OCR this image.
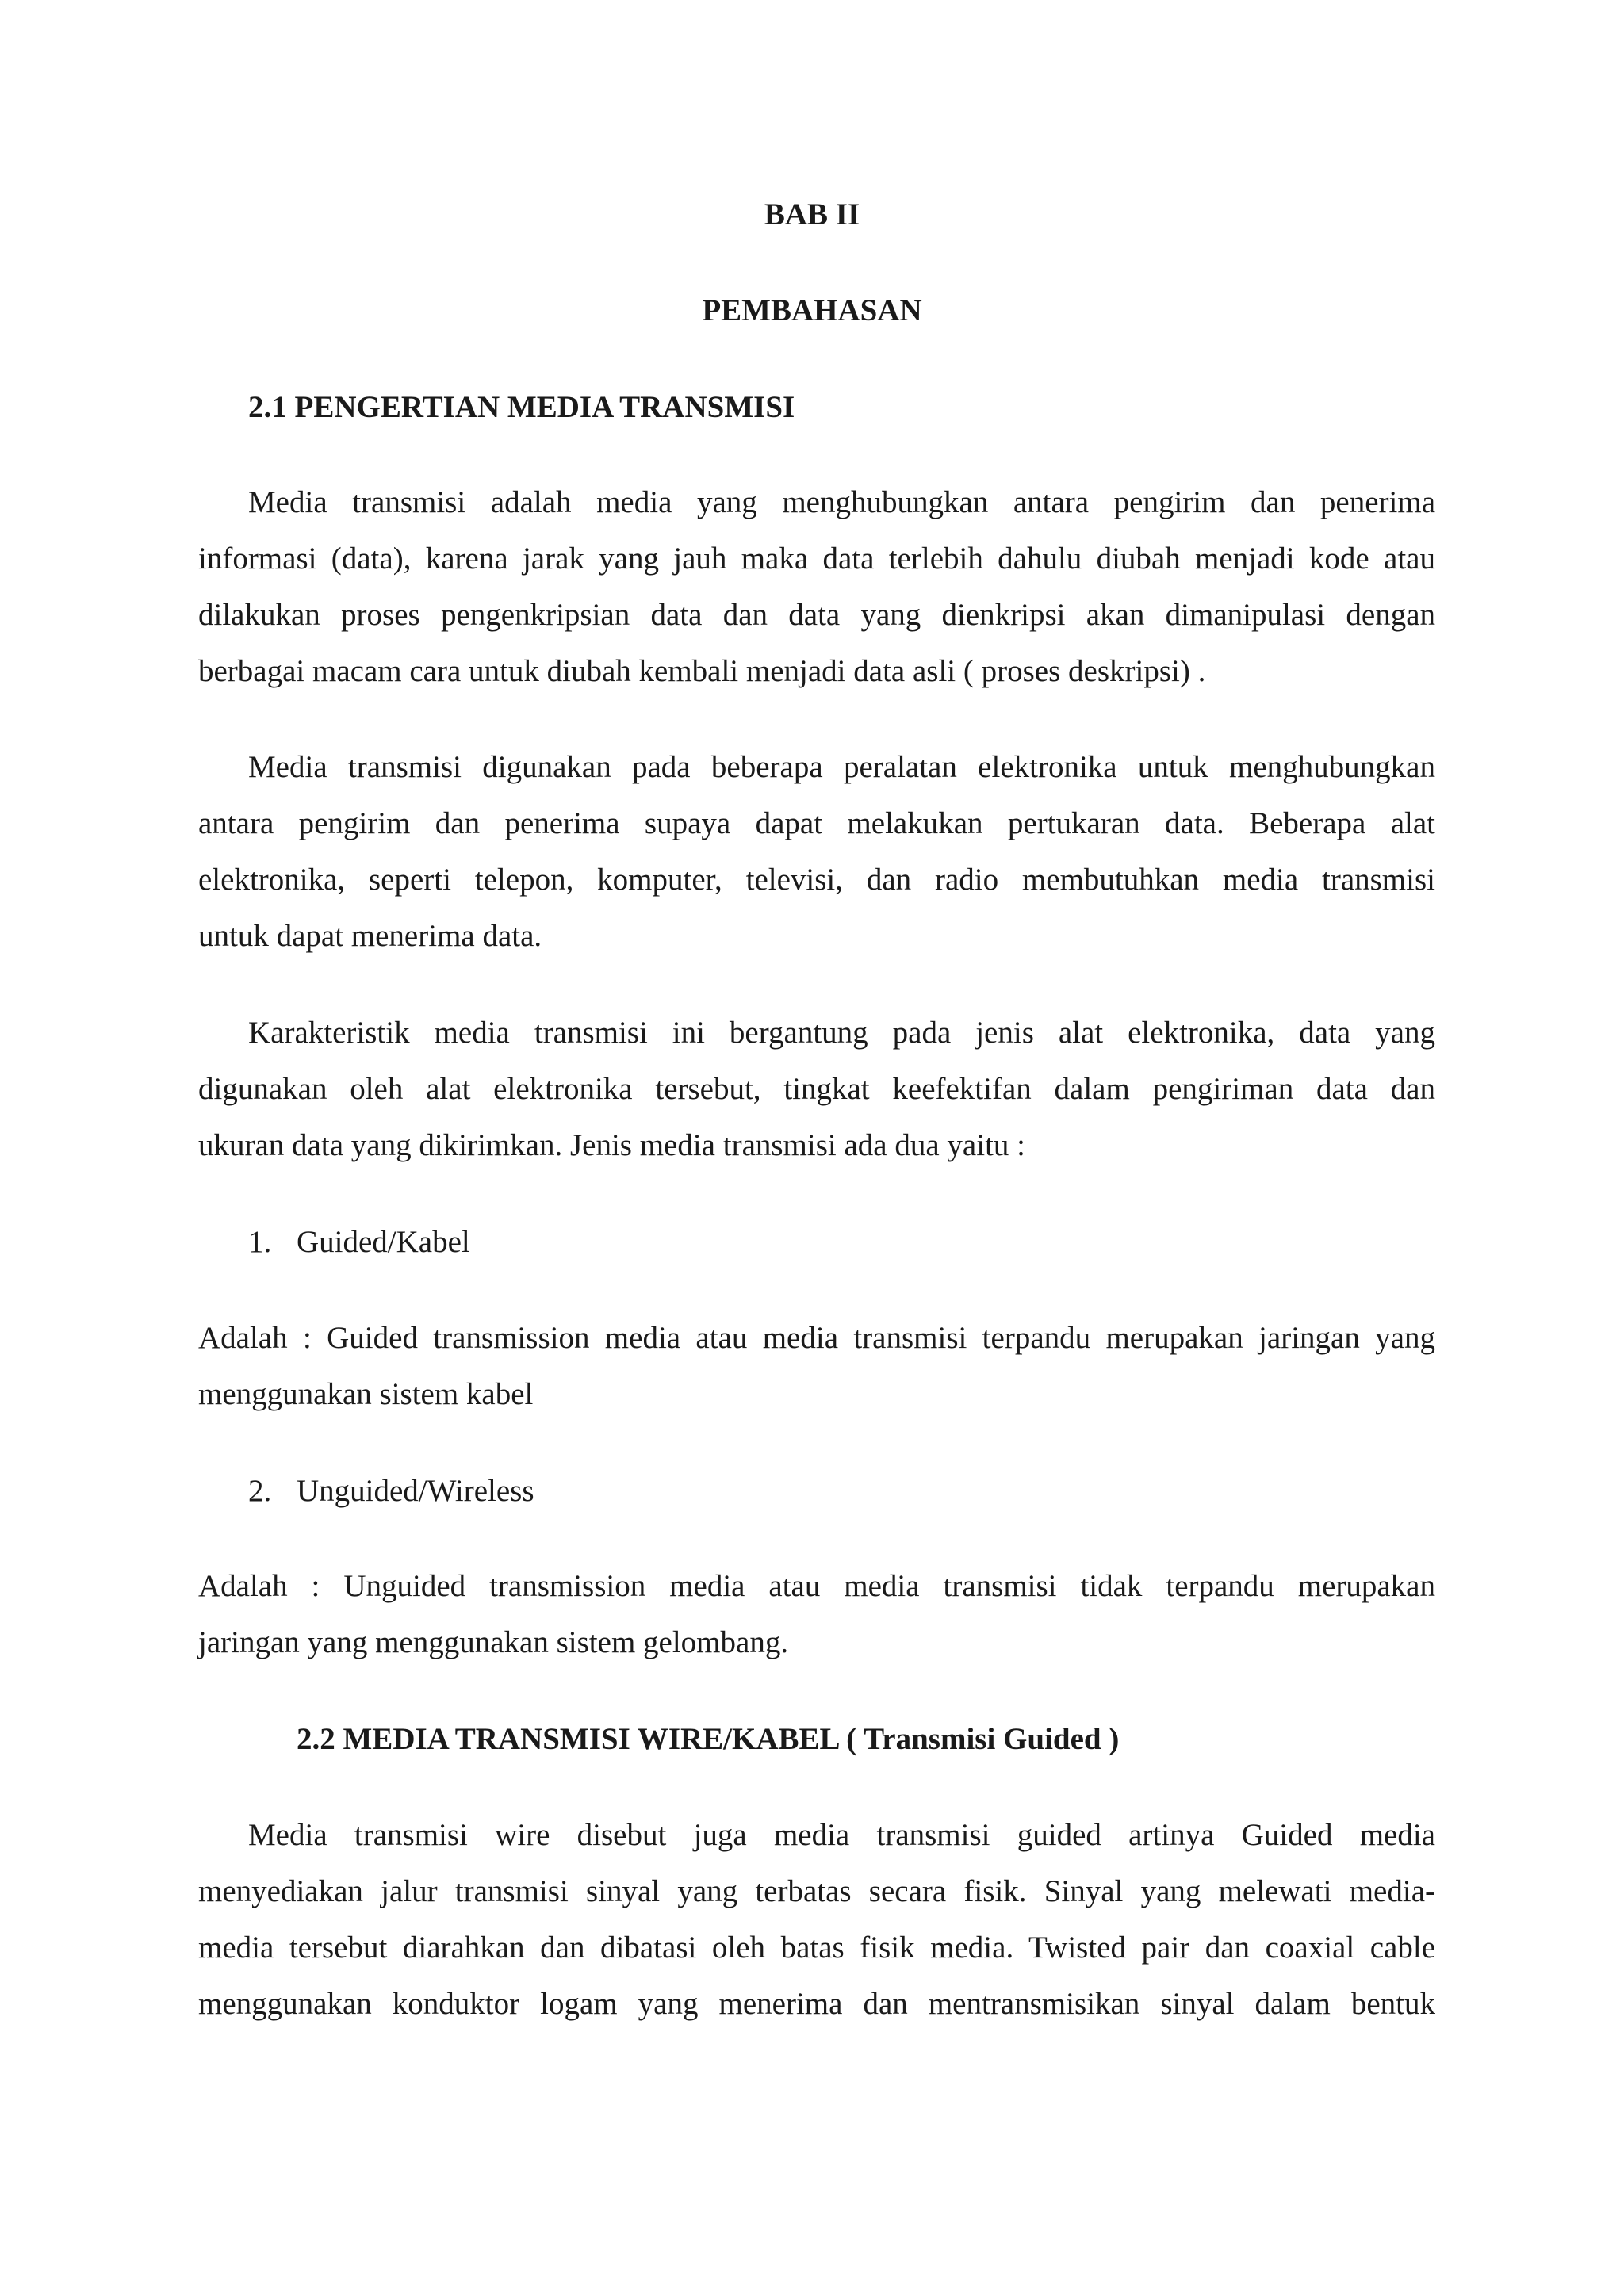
BAB II
PEMBAHASAN
2.1 PENGERTIAN MEDIA TRANSMISI
Media transmisi adalah media yang menghubungkan antara pengirim dan penerima
informasi (data), karena jarak yang jauh maka data terlebih dahulu diubah menjadi kode atau
dilakukan proses pengenkripsian data dan data yang dienkripsi akan dimanipulasi dengan
berbagai macam cara untuk diubah kembali menjadi data asli ( proses deskripsi) .
Media transmisi digunakan pada beberapa peralatan elektronika untuk menghubungkan
antara pengirim dan penerima supaya dapat melakukan pertukaran data. Beberapa alat
elektronika, seperti telepon, komputer, televisi, dan radio membutuhkan media transmisi
untuk dapat menerima data.
Karakteristik media transmisi ini bergantung pada jenis alat elektronika, data yang
digunakan oleh alat elektronika tersebut, tingkat keefektifan dalam pengiriman data dan
ukuran data yang dikirimkan. Jenis media transmisi ada dua yaitu :
1. Guided/Kabel
Adalah : Guided transmission media atau media transmisi terpandu merupakan jaringan yang
menggunakan sistem kabel
2. Unguided/Wireless
Adalah : Unguided transmission media atau media transmisi tidak terpandu merupakan
jaringan yang menggunakan sistem gelombang.
2.2 MEDIA TRANSMISI WIRE/KABEL ( Transmisi Guided )
Media transmisi wire disebut juga media transmisi guided artinya Guided media
menyediakan jalur transmisi sinyal yang terbatas secara fisik. Sinyal yang melewati media-
media tersebut diarahkan dan dibatasi oleh batas fisik media. Twisted pair dan coaxial cable
menggunakan konduktor logam yang menerima dan mentransmisikan sinyal dalam bentuk
